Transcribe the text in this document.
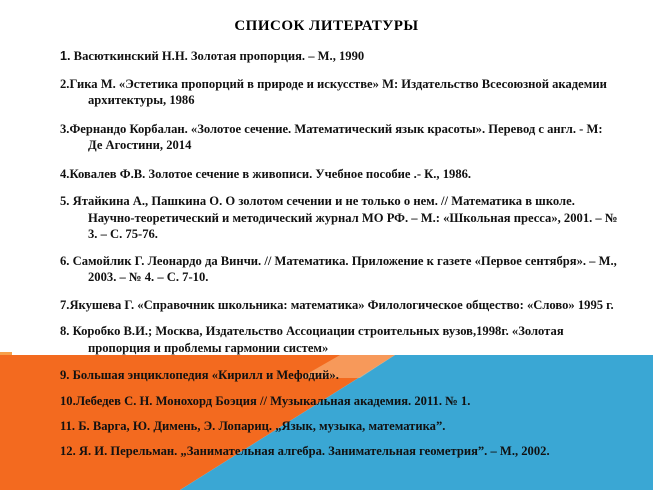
СПИСОК ЛИТЕРАТУРЫ
1. Васюткинский Н.Н. Золотая пропорция. – М., 1990
2.Гика М. «Эстетика пропорций в природе и искусстве» М: Издательство Всесоюзной академии архитектуры, 1986
3.Фернандо Корбалан. «Золотое сечение. Математический язык красоты». Перевод с англ. - М: Де Агостини, 2014
4.Ковалев Ф.В. Золотое сечение в живописи. Учебное пособие .- К., 1986.
5. Ятайкина А., Пашкина О. О золотом сечении и не только о нем. // Математика в школе. Научно-теоретический и методический журнал МО РФ. – М.: «Школьная пресса», 2001. – № 3. – С. 75-76.
6. Самойлик Г. Леонардо да Винчи. // Математика. Приложение к газете «Первое сентября». – М., 2003. – № 4. – С. 7-10.
7.Якушева Г. «Справочник школьника: математика» Филологическое общество: «Слово» 1995 г.
8. Коробко В.И.; Москва, Издательство Ассоциации строительных вузов,1998г. «Золотая пропорция и проблемы гармонии систем»
9. Большая энциклопедия «Кирилл и Мефодий».
10.Лебедев С. Н. Монохорд Боэция // Музыкальная академия. 2011. № 1.
11. Б. Варга, Ю. Димень, Э. Лопариц. „Язык, музыка, математика”.
12. Я. И. Перельман. „Занимательная алгебра. Занимательная геометрия”. – М., 2002.
